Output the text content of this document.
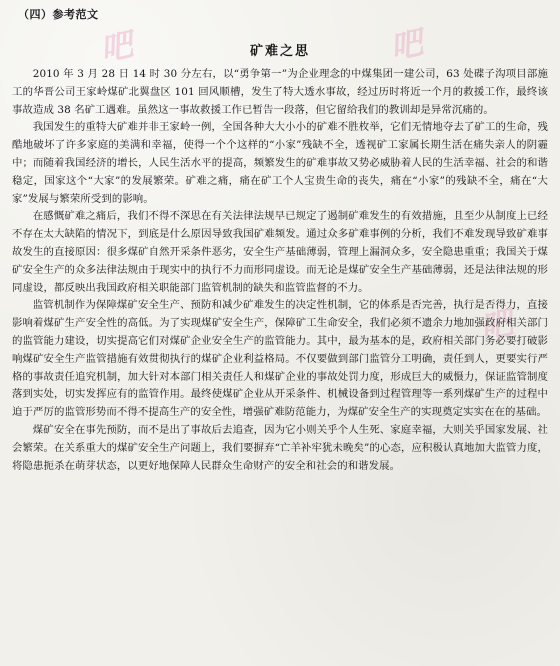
吧	吧
吧
（四）参考范文
矿难之思

2010 年 3 月 28 日 14 时 30 分左右，以“勇争第一”为企业理念的中煤集团一建公司，63 处碟子沟项目部施工的华晋公司王家岭煤矿北翼盘区 101 回风顺槽，发生了特大透水事故，经过历时将近一个月的救援工作，最终该事故造成 38 名矿工遇难。虽然这一事故救援工作已暂告一段落，但它留给我们的教训却是异常沉痛的。

我国发生的重特大矿难并非王家岭一例，全国各种大大小小的矿难不胜枚举，它们无情地夺去了矿工的生命，残酷地破坏了许多家庭的美满和幸福，使得一个个这样的“小家”残缺不全，透视矿工家属长期生活在痛失亲人的阴霾中；而随着我国经济的增长，人民生活水平的提高，频繁发生的矿难事故又势必威胁着人民的生活幸福、社会的和谐稳定，国家这个“大家”的发展繁荣。矿难之痛，痛在矿工个人宝贵生命的丧失，痛在“小家”的残缺不全，痛在“大家”发展与繁荣所受到的影响。

在感慨矿难之痛后，我们不得不深思在有关法律法规早已规定了遏制矿难发生的有效措施，且至少从制度上已经不存在太大缺陷的情况下，到底是什么原因导致我国矿难频发。通过众多矿难事例的分析，我们不难发现导致矿难事故发生的直接原因：很多煤矿自然开采条件恶劣，安全生产基础薄弱，管理上漏洞众多，安全隐患重重；我国关于煤矿安全生产的众多法律法规由于现实中的执行不力而形同虚设。而无论是煤矿安全生产基础薄弱，还是法律法规的形同虚设，都反映出我国政府相关职能部门监管机制的缺失和监管监督的不力。

监管机制作为保障煤矿安全生产、预防和减少矿难发生的决定性机制，它的体系是否完善，执行是否得力，直接影响着煤矿生产安全性的高低。为了实现煤矿安全生产，保障矿工生命安全，我们必须不遗余力地加强政府相关部门的监管能力建设，切实提高它们对煤矿企业安全生产的监管能力。其中，最为基本的是，政府相关部门务必要打破影响煤矿安全生产监管措施有效贯彻执行的煤矿企业利益格局。不仅要做到部门监管分工明确，责任到人，更要实行严格的事故责任追究机制，加大针对本部门相关责任人和煤矿企业的事故处罚力度，形成巨大的威慑力，保证监管制度落到实处，切实发挥应有的监管作用。最终使煤矿企业从开采条件、机械设备到过程管理等一系列煤矿生产的过程中迫于严厉的监管形势而不得不提高生产的安全性，增强矿难防范能力，为煤矿安全生产的实现奠定实实在在的基础。

煤矿安全在事先预防，而不是出了事故后去追查，因为它小则关乎个人生死、家庭幸福，大则关乎国家发展、社会繁荣。在关系重大的煤矿安全生产问题上，我们要摒弃“亡羊补牢犹未晚矣”的心态，应积极认真地加大监管力度，将隐患扼杀在萌芽状态，以更好地保障人民群众生命财产的安全和社会的和谐发展。
